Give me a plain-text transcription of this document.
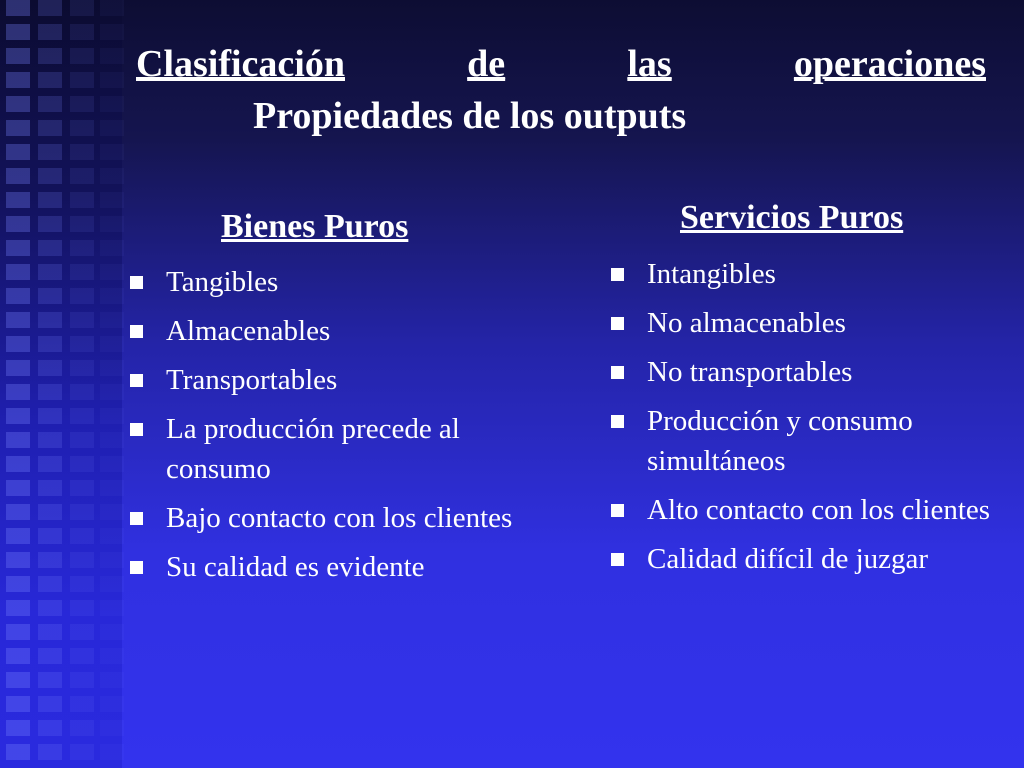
Clasificación	de	las	operaciones
Propiedades de los outputs
Bienes Puros	Servicios Puros
Tangibles
Almacenables
Transportables
La producción precede al consumo
Bajo contacto con los clientes
Su calidad es evidente
Intangibles
No almacenables
No transportables
Producción y consumo simultáneos
Alto contacto con los clientes
Calidad difícil de juzgar
